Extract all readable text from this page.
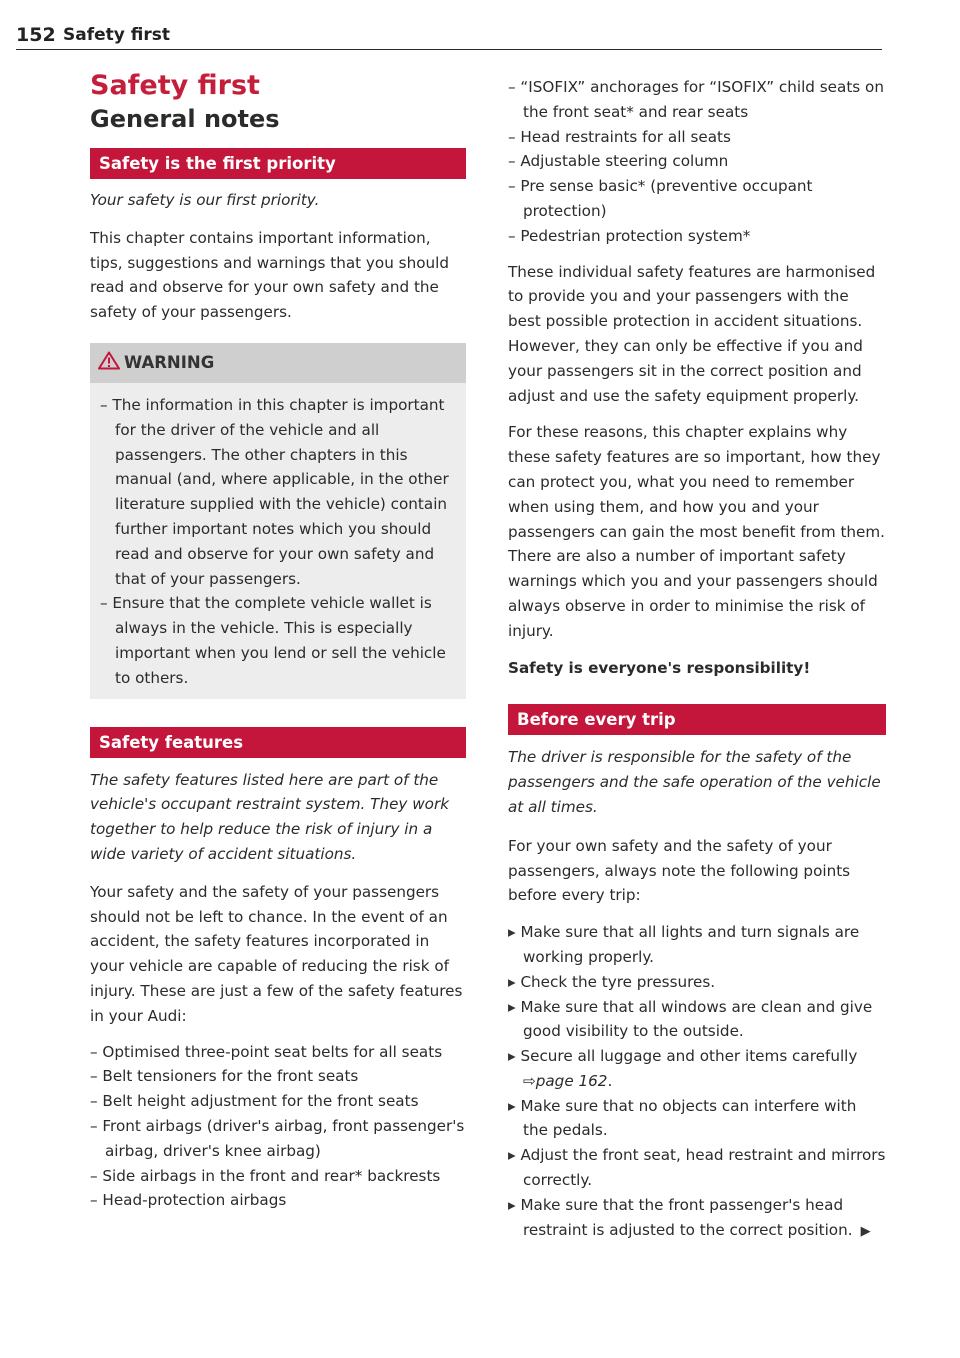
152 Safety first
Safety first
General notes
Safety is the first priority

Your safety is our first priority.

This chapter contains important information, tips, suggestions and warnings that you should read and observe for your own safety and the safety of your passengers.

WARNING
– The information in this chapter is important for the driver of the vehicle and all passengers. The other chapters in this manual (and, where applicable, in the other literature supplied with the vehicle) contain further important notes which you should read and observe for your own safety and that of your passengers.
– Ensure that the complete vehicle wallet is always in the vehicle. This is especially important when you lend or sell the vehicle to others.
Safety features

The safety features listed here are part of the vehicle's occupant restraint system. They work together to help reduce the risk of injury in a wide variety of accident situations.

Your safety and the safety of your passengers should not be left to chance. In the event of an accident, the safety features incorporated in your vehicle are capable of reducing the risk of injury. These are just a few of the safety features in your Audi:

– Optimised three-point seat belts for all seats
– Belt tensioners for the front seats
– Belt height adjustment for the front seats
– Front airbags (driver's airbag, front passenger's airbag, driver's knee airbag)
– Side airbags in the front and rear* backrests
– Head-protection airbags
– “ISOFIX” anchorages for “ISOFIX” child seats on the front seat* and rear seats
– Head restraints for all seats
– Adjustable steering column
– Pre sense basic* (preventive occupant protection)
– Pedestrian protection system*

These individual safety features are harmonised to provide you and your passengers with the best possible protection in accident situations. However, they can only be effective if you and your passengers sit in the correct position and adjust and use the safety equipment properly.

For these reasons, this chapter explains why these safety features are so important, how they can protect you, what you need to remember when using them, and how you and your passengers can gain the most benefit from them. There are also a number of important safety warnings which you and your passengers should always observe in order to minimise the risk of injury.

Safety is everyone's responsibility!

Before every trip

The driver is responsible for the safety of the passengers and the safe operation of the vehicle at all times.

For your own safety and the safety of your passengers, always note the following points before every trip:

▸ Make sure that all lights and turn signals are working properly.
▸ Check the tyre pressures.
▸ Make sure that all windows are clean and give good visibility to the outside.
▸ Secure all luggage and other items carefully ⇨page 162.
▸ Make sure that no objects can interfere with the pedals.
▸ Adjust the front seat, head restraint and mirrors correctly.
▸ Make sure that the front passenger's head restraint is adjusted to the correct position. ▶
